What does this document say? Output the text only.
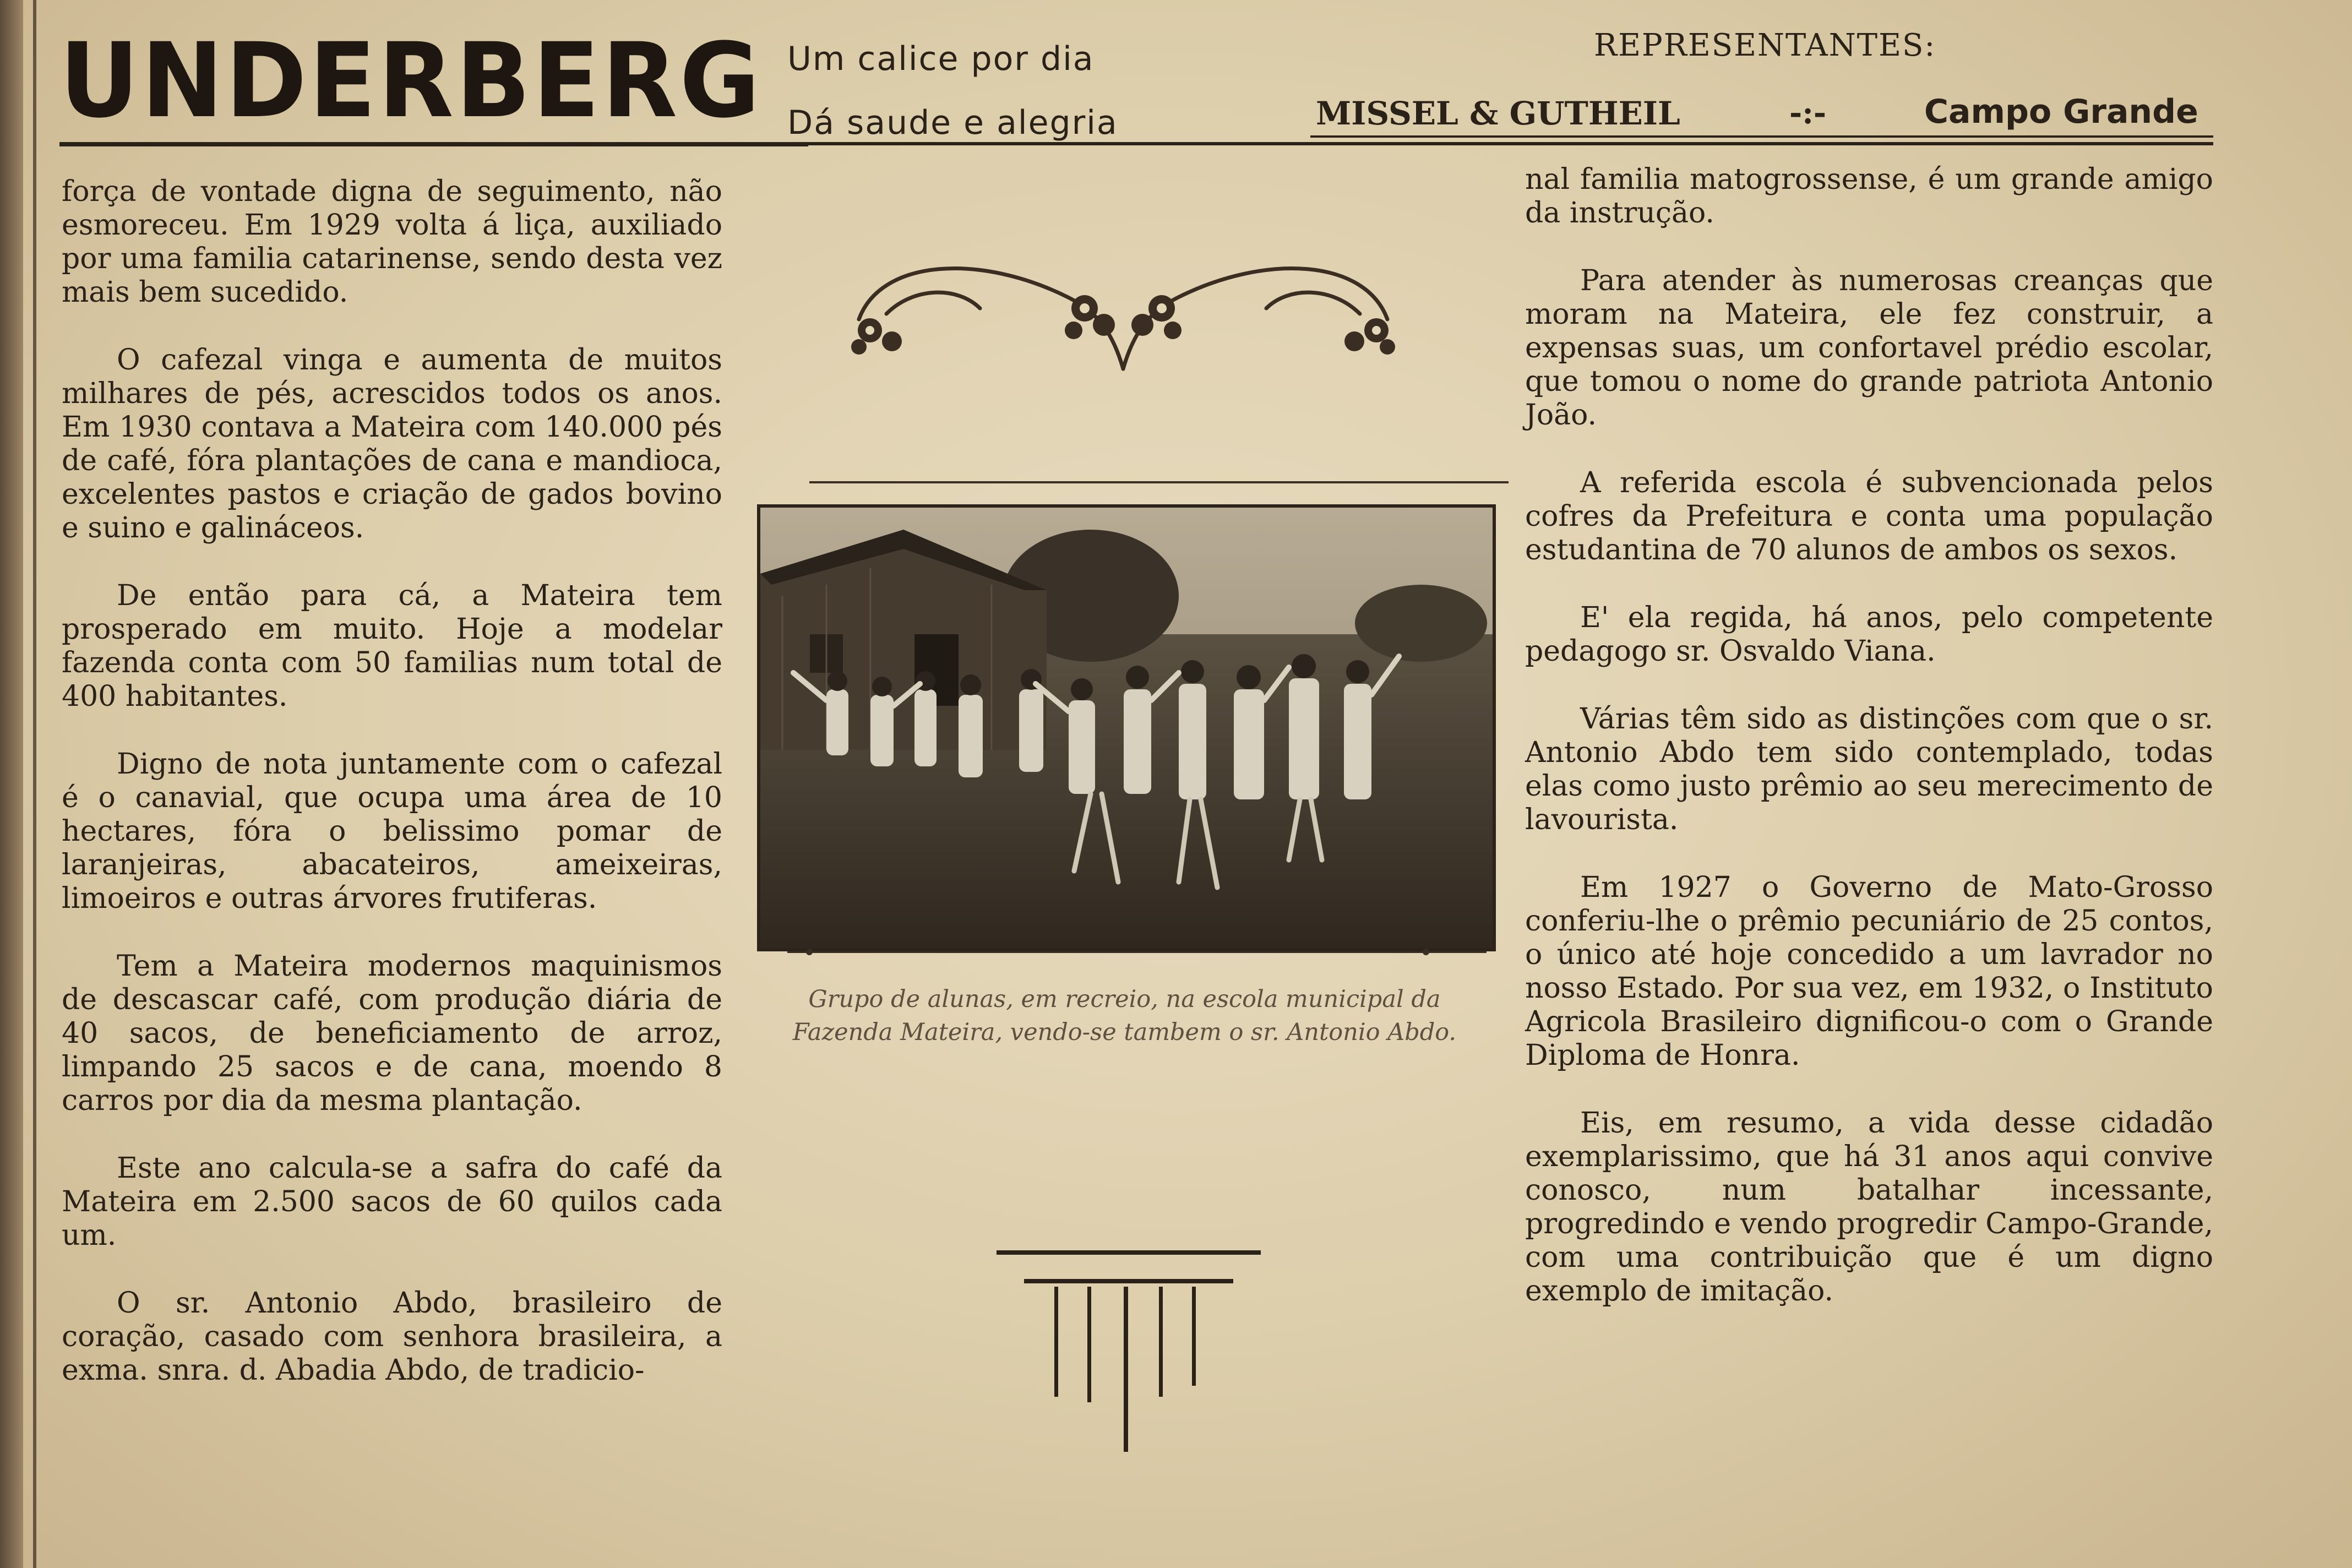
UNDERBERG Um calice por dia
Dá saude e alegria
REPRESENTANTES:
MISSEL & GUTHEIL	-:-	Campo Grande

força de vontade digna de seguimento, não esmoreceu. Em 1929 volta á liça, auxiliado por uma familia catarinense, sendo desta vez mais bem sucedido.

O cafezal vinga e aumenta de muitos milhares de pés, acrescidos todos os anos. Em 1930 contava a Mateira com 140.000 pés de café, fóra plantações de cana e mandioca, excelentes pastos e criação de gados bovino e suino e galináceos.

De então para cá, a Mateira tem prosperado em muito. Hoje a modelar fazenda conta com 50 familias num total de 400 habitantes.

Digno de nota juntamente com o cafezal é o canavial, que ocupa uma área de 10 hectares, fóra o belissimo pomar de laranjeiras, abacateiros, ameixeiras, limoeiros e outras árvores frutiferas.

Tem a Mateira modernos maquinismos de descascar café, com produção diária de 40 sacos, de beneficiamento de arroz, limpando 25 sacos e de cana, moendo 8 carros por dia da mesma plantação.

Este ano calcula-se a safra do café da Mateira em 2.500 sacos de 60 quilos cada um.

O sr. Antonio Abdo, brasileiro de coração, casado com senhora brasileira, a exma. snra. d. Abadia Abdo, de tradicio-

Grupo de alunas, em recreio, na escola municipal da Fazenda Mateira, vendo-se tambem o sr. Antonio Abdo.

nal familia matogrossense, é um grande amigo da instrução.

Para atender às numerosas creanças que moram na Mateira, ele fez construir, a expensas suas, um confortavel prédio escolar, que tomou o nome do grande patriota Antonio João.

A referida escola é subvencionada pelos cofres da Prefeitura e conta uma população estudantina de 70 alunos de ambos os sexos.

E' ela regida, há anos, pelo competente pedagogo sr. Osvaldo Viana.

Várias têm sido as distinções com que o sr. Antonio Abdo tem sido contemplado, todas elas como justo prêmio ao seu merecimento de lavourista.

Em 1927 o Governo de Mato-Grosso conferiu-lhe o prêmio pecuniário de 25 contos, o único até hoje concedido a um lavrador no nosso Estado. Por sua vez, em 1932, o Instituto Agricola Brasileiro dignificou-o com o Grande Diploma de Honra.

Eis, em resumo, a vida desse cidadão exemplarissimo, que há 31 anos aqui convive conosco, num batalhar incessante, progredindo e vendo progredir Campo-Grande, com uma contribuição que é um digno exemplo de imitação.
